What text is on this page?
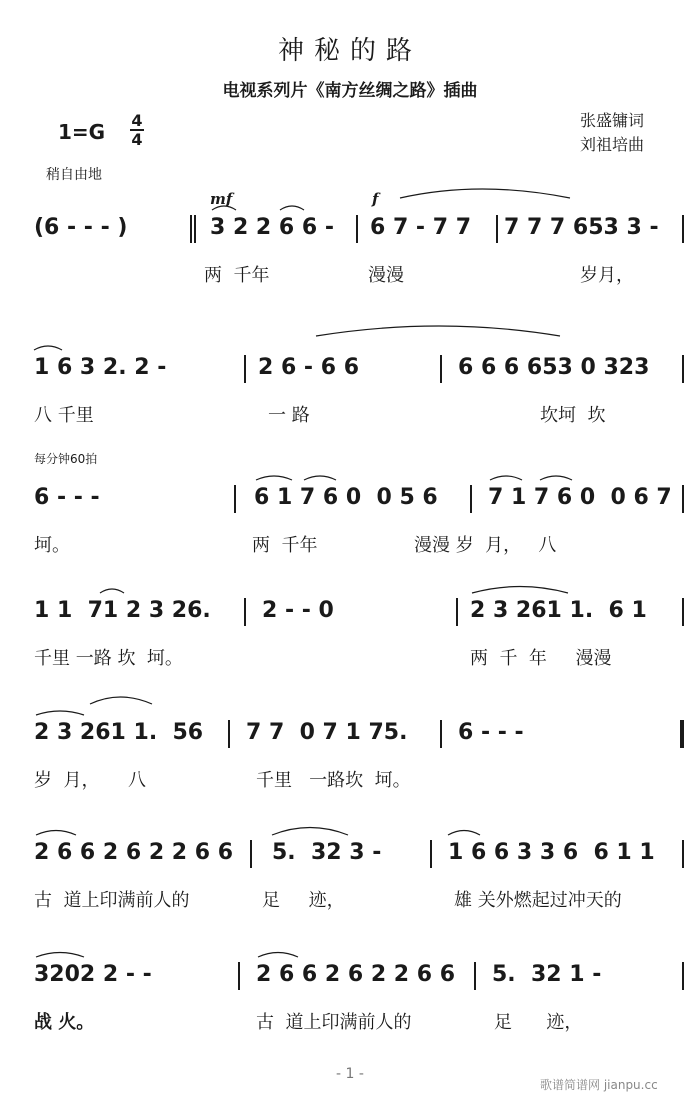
神秘的路
电视系列片《南方丝绸之路》插曲
1=G 4
4
张盛镛词
刘祖培曲
稍自由地
mf	f
每分钟60拍
(6 - - - )	3 2 2 6 6 - 6 7 - 7 7 7 7 7 653 3 -
两  千年	漫漫	岁月，
1 6 3 2. 2 -	2 6 - 6 6	6 6 6 653 0 323
八 千里	一 路	坎坷  坎
6 - - -	6 1 7 6 0  0 5 6 7 1 7 6 0  0 6 7
坷。	两  千年	漫漫 岁  月，   八
1 1  71 2 3 26. 2 - - 0	2 3 261 1.  6 1
千里 一路 坎  坷。	两  千  年     漫漫
2 3 261 1.  56 7 7  0 7 1 75. 6 - - -
岁  月，     八	千里   一路坎  坷。
2 6 6 2 6 2 2 6 6 5.  32 3 -	1 6 6 3 3 6  6 1 1
古  道上印满前人的	足     迹，	雄 关外燃起过冲天的
3202 2 - -	2 6 6 2 6 2 2 6 6 5.  32 1 -
战 火。	古  道上印满前人的	足      迹，
- 1 -
歌谱简谱网 jianpu.cc
